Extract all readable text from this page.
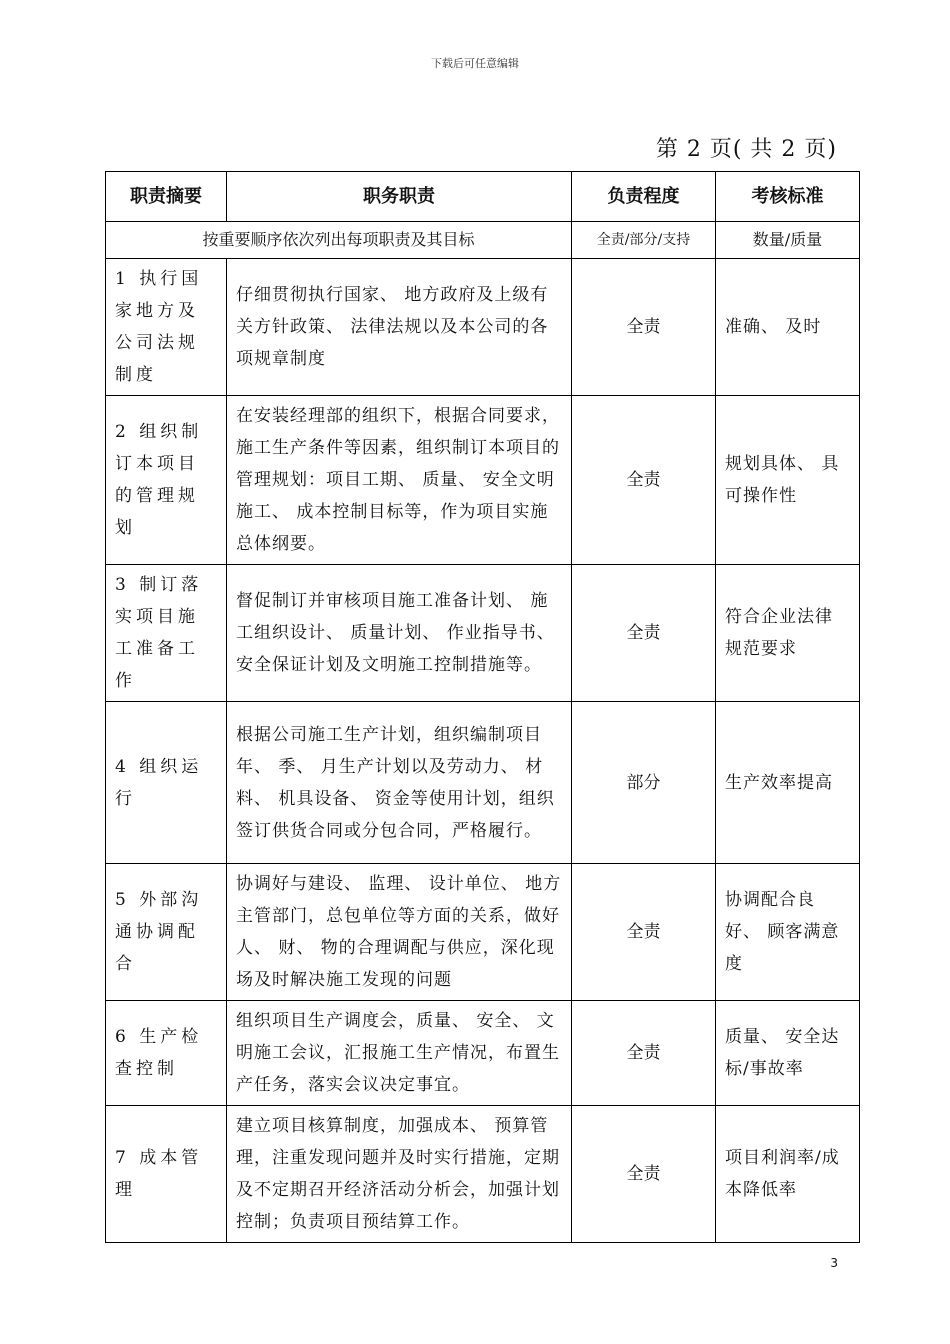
下载后可任意编辑
第 2 页( 共 2 页)
职责摘要	职务职责	负责程度	考核标准
按重要顺序依次列出每项职责及其目标		全责/部分/支持	数量/质量
1 执行国家地方及公司法规制度	仔细贯彻执行国家、 地方政府及上级有关方针政策、 法律法规以及本公司的各项规章制度	全责	准确、 及时
2 组织制订本项目的管理规划	在安装经理部的组织下，根据合同要求，施工生产条件等因素，组织制订本项目的管理规划：项目工期、 质量、 安全文明施工、 成本控制目标等，作为项目实施总体纲要。	全责	规划具体、 具可操作性
3 制订落实项目施工准备工作	督促制订并审核项目施工准备计划、 施工组织设计、 质量计划、 作业指导书、 安全保证计划及文明施工控制措施等。	全责	符合企业法律规范要求
4 组织运行	根据公司施工生产计划，组织编制项目年、 季、 月生产计划以及劳动力、 材料、 机具设备、 资金等使用计划，组织签订供货合同或分包合同，严格履行。	部分	生产效率提高
5 外部沟通协调配合	协调好与建设、 监理、 设计单位、 地方主管部门，总包单位等方面的关系，做好人、 财、 物的合理调配与供应，深化现场及时解决施工发现的问题	全责	协调配合良好、 顾客满意度
6 生产检查控制	组织项目生产调度会，质量、 安全、 文明施工会议，汇报施工生产情况，布置生产任务，落实会议决定事宜。	全责	质量、 安全达标/事故率
7 成本管理	建立项目核算制度，加强成本、 预算管理，注重发现问题并及时实行措施，定期及不定期召开经济活动分析会，加强计划控制；负责项目预结算工作。	全责	项目利润率/成本降低率
3
